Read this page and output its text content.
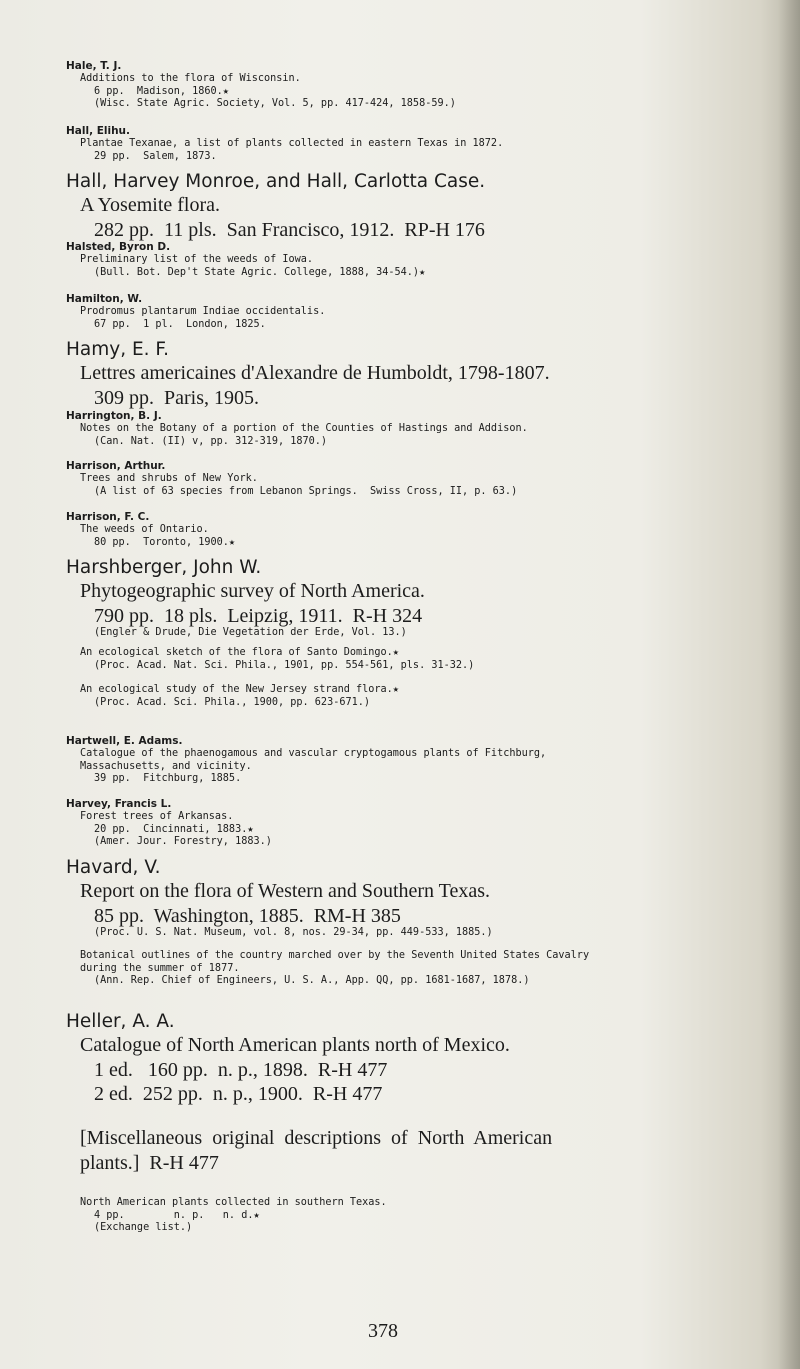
Hale, T. J.
Additions to the flora of Wisconsin.
6 pp.  Madison, 1860.★
(Wisc. State Agric. Society, Vol. 5, pp. 417-424, 1858-59.)
Hall, Elihu.
Plantae Texanae, a list of plants collected in eastern Texas in 1872.
29 pp.  Salem, 1873.
Hall, Harvey Monroe, and Hall, Carlotta Case.
A Yosemite flora.
282 pp.  11 pls.  San Francisco, 1912.  RP-H 176
Halsted, Byron D.
Preliminary list of the weeds of Iowa.
(Bull. Bot. Dep't State Agric. College, 1888, 34-54.)★
Hamilton, W.
Prodromus plantarum Indiae occidentalis.
67 pp.  1 pl.  London, 1825.
Hamy, E. F.
Lettres americaines d'Alexandre de Humboldt, 1798-1807.
309 pp.  Paris, 1905.
Harrington, B. J.
Notes on the Botany of a portion of the Counties of Hastings and Addison.
(Can. Nat. (II) v, pp. 312-319, 1870.)
Harrison, Arthur.
Trees and shrubs of New York.
(A list of 63 species from Lebanon Springs.  Swiss Cross, II, p. 63.)
Harrison, F. C.
The weeds of Ontario.
80 pp.  Toronto, 1900.★
Harshberger, John W.
Phytogeographic survey of North America.
790 pp.  18 pls.  Leipzig, 1911.  R-H 324
(Engler & Drude, Die Vegetation der Erde, Vol. 13.)
An ecological sketch of the flora of Santo Domingo.★
(Proc. Acad. Nat. Sci. Phila., 1901, pp. 554-561, pls. 31-32.)
An ecological study of the New Jersey strand flora.★
(Proc. Acad. Sci. Phila., 1900, pp. 623-671.)
Hartwell, E. Adams.
Catalogue of the phaenogamous and vascular cryptogamous plants of Fitchburg,
Massachusetts, and vicinity.
39 pp.  Fitchburg, 1885.
Harvey, Francis L.
Forest trees of Arkansas.
20 pp.  Cincinnati, 1883.★
(Amer. Jour. Forestry, 1883.)
Havard, V.
Report on the flora of Western and Southern Texas.
85 pp.  Washington, 1885.  RM-H 385
(Proc. U. S. Nat. Museum, vol. 8, nos. 29-34, pp. 449-533, 1885.)
Botanical outlines of the country marched over by the Seventh United States Cavalry
during the summer of 1877.
(Ann. Rep. Chief of Engineers, U. S. A., App. QQ, pp. 1681-1687, 1878.)
Heller, A. A.
Catalogue of North American plants north of Mexico.
1 ed.   160 pp.  n. p., 1898.  R-H 477
2 ed.  252 pp.  n. p., 1900.  R-H 477
[Miscellaneous  original  descriptions  of  North  American
plants.]  R-H 477
North American plants collected in southern Texas.
4 pp.        n. p.   n. d.★
(Exchange list.)
378
